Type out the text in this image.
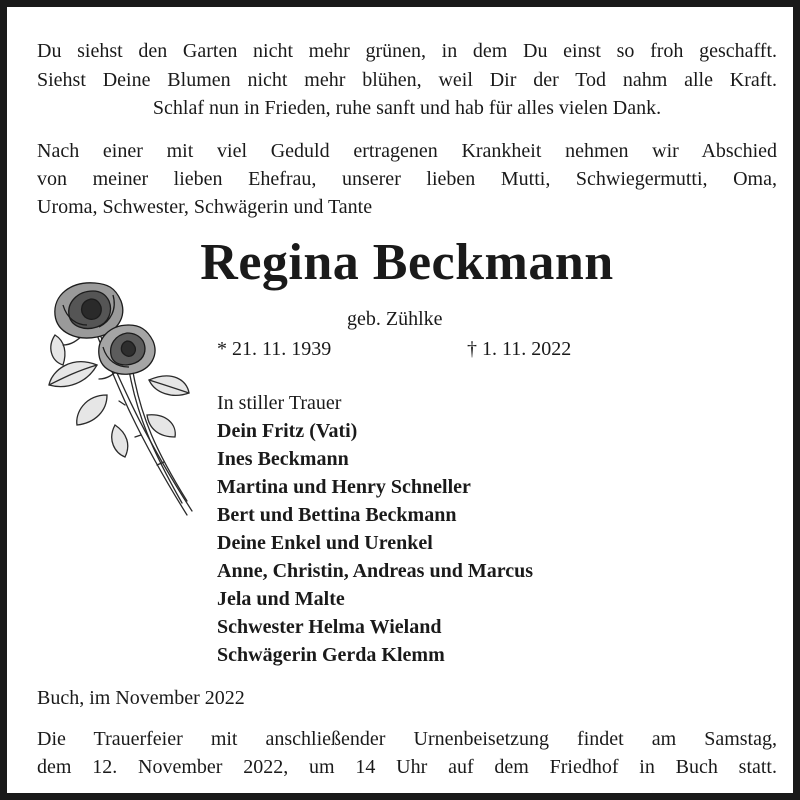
Du siehst den Garten nicht mehr grünen, in dem Du einst so froh geschafft.
Siehst Deine Blumen nicht mehr blühen, weil Dir der Tod nahm alle Kraft.
Schlaf nun in Frieden, ruhe sanft und hab für alles vielen Dank.
Nach einer mit viel Geduld ertragenen Krankheit nehmen wir Abschied
von meiner lieben Ehefrau, unserer lieben Mutti, Schwiegermutti, Oma,
Uroma, Schwester, Schwägerin und Tante
Regina Beckmann
geb. Zühlke
* 21. 11. 1939	† 1. 11. 2022
In stiller Trauer
Dein Fritz (Vati)
Ines Beckmann
Martina und Henry Schneller
Bert und Bettina Beckmann
Deine Enkel und Urenkel
Anne, Christin, Andreas und Marcus
Jela und Malte
Schwester Helma Wieland
Schwägerin Gerda Klemm
Buch, im November 2022
Die Trauerfeier mit anschließender Urnenbeisetzung findet am Samstag,
dem 12. November 2022, um 14 Uhr auf dem Friedhof in Buch statt.
